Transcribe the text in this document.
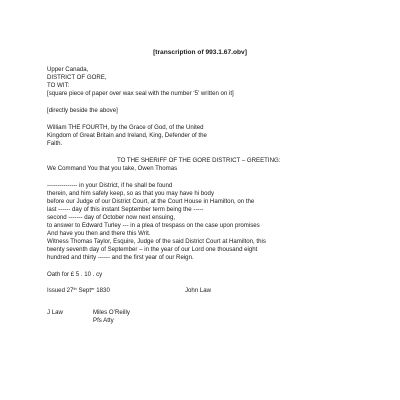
[transcription of 993.1.67.obv]
Upper Canada,
DISTRICT OF GORE,
TO WIT:
[square piece of paper over wax seal with the number ‘5’ written on it]
[directly beside the above]
William THE FOURTH, by the Grace of God, of the United
Kingdom of Great Britain and Ireland, King, Defender of the
Faith.
TO THE SHERIFF OF THE GORE DISTRICT – GREETING:
We Command You that you take, Owen Thomas
--------------- in your District, if he shall be found
therein, and him safely keep, so as that you may have hi body
before our Judge of our District Court, at the Court House in Hamilton, on the
last ------ day of this instant September term being the -----
second ------- day of October now next ensuing,
to answer to Edward Turley --- in a plea of trespass on the case upon promises
And have you then and there this Writ.
Witness Thomas Taylor, Esquire, Judge of the said District Court at Hamilton, this
twenty seventh day of September – in the year of our Lord one thousand eight
hundred and thirty ------ and the first year of our Reign.
Oath for £ 5 . 10 . cy
Issued 27th Sept$^{er}$ 1830	John Law
J Law	Miles O’Reilly
Pfs Atty
